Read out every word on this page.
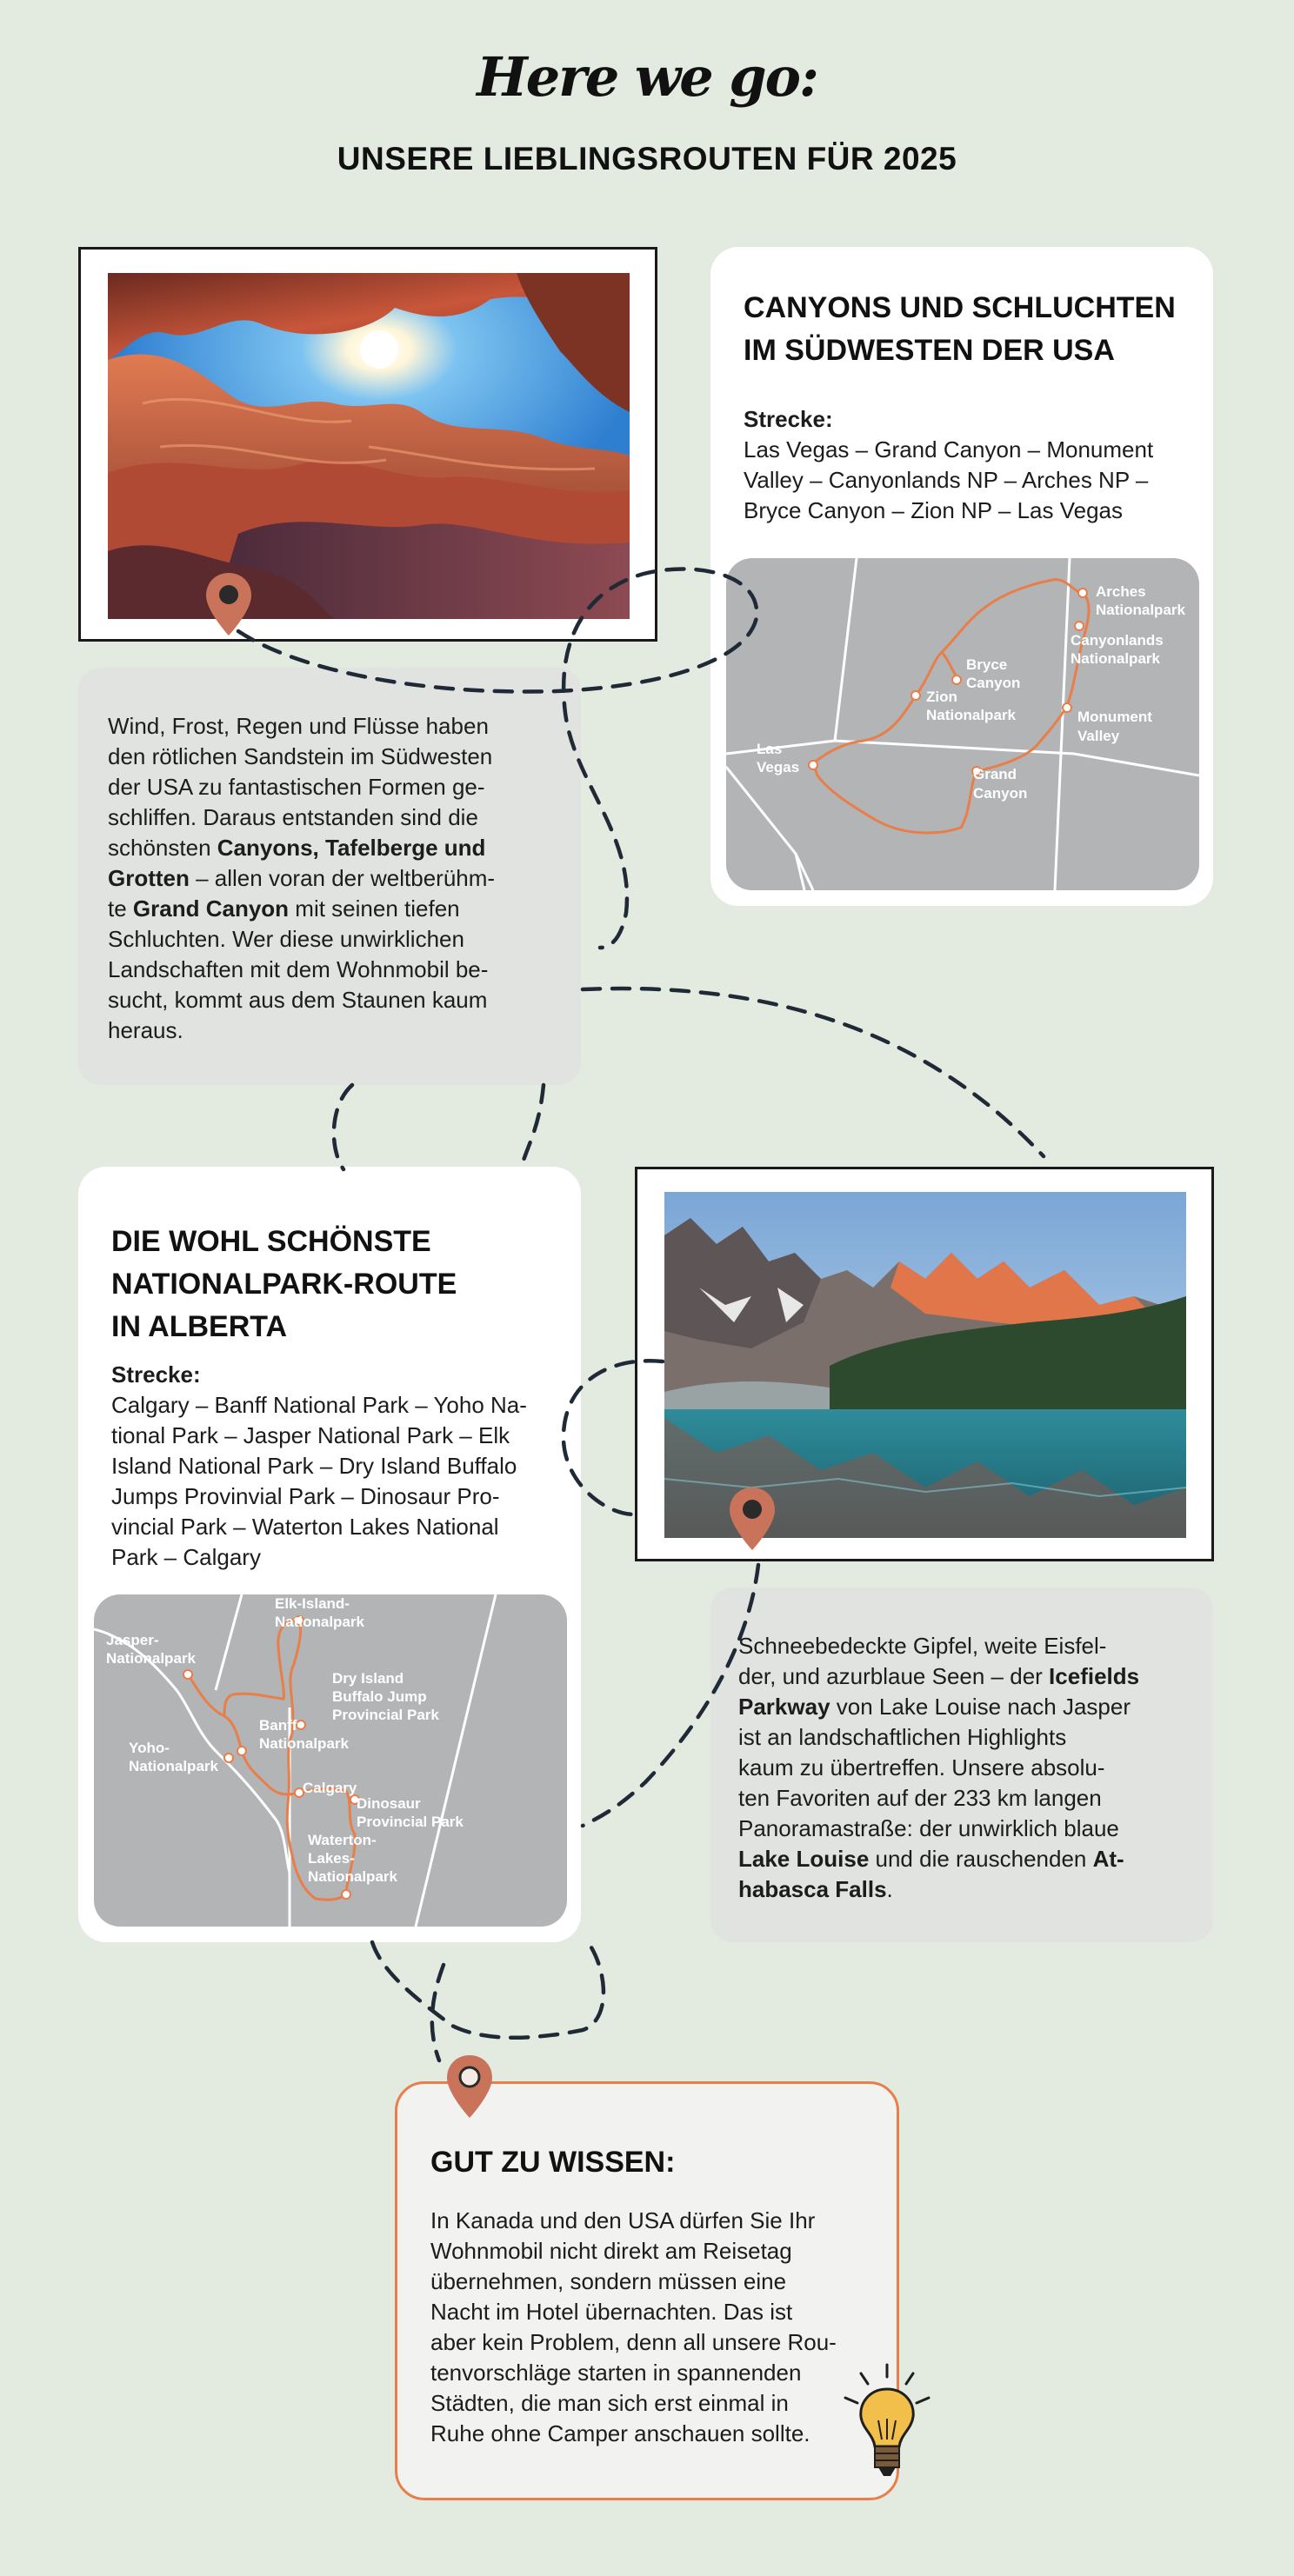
Here we go:
UNSERE LIEBLINGSROUTEN FÜR 2025
CANYONS UND SCHLUCHTEN
IM SÜDWESTEN DER USA
Strecke:
Las Vegas – Grand Canyon – Monument
Valley – Canyonlands NP – Arches NP –
Bryce Canyon – Zion NP – Las Vegas
Las
Vegas
Zion
Nationalpark
Bryce
Canyon
Grand
Canyon
Arches
Nationalpark
Canyonlands
Nationalpark
Monument
Valley
Wind, Frost, Regen und Flüsse haben
den rötlichen Sandstein im Südwesten
der USA zu fantastischen Formen ge-
schliffen. Daraus entstanden sind die
schönsten Canyons, Tafelberge und
Grotten – allen voran der weltberühm-
te Grand Canyon mit seinen tiefen
Schluchten. Wer diese unwirklichen
Landschaften mit dem Wohnmobil be-
sucht, kommt aus dem Staunen kaum
heraus.
DIE WOHL SCHÖNSTE
NATIONALPARK-ROUTE
IN ALBERTA
Strecke:
Calgary – Banff National Park – Yoho Na-
tional Park – Jasper National Park – Elk
Island National Park – Dry Island Buffalo
Jumps Provinvial Park – Dinosaur Pro-
vincial Park – Waterton Lakes National
Park – Calgary
Elk-Island-
Nationalpark
Jasper-
Nationalpark
Dry Island
Buffalo Jump
Provincial Park
Banff-
Nationalpark
Yoho-
Nationalpark
Calgary
Dinosaur
Provincial Park
Waterton-
Lakes-
Nationalpark
Schneebedeckte Gipfel, weite Eisfel-
der, und azurblaue Seen – der Icefields
Parkway von Lake Louise nach Jasper
ist an landschaftlichen Highlights
kaum zu übertreffen. Unsere absolu-
ten Favoriten auf der 233 km langen
Panoramastraße: der unwirklich blaue
Lake Louise und die rauschenden At-
habasca Falls.
GUT ZU WISSEN:
In Kanada und den USA dürfen Sie Ihr
Wohnmobil nicht direkt am Reisetag
übernehmen, sondern müssen eine
Nacht im Hotel übernachten. Das ist
aber kein Problem, denn all unsere Rou-
tenvorschläge starten in spannenden
Städten, die man sich erst einmal in
Ruhe ohne Camper anschauen sollte.
